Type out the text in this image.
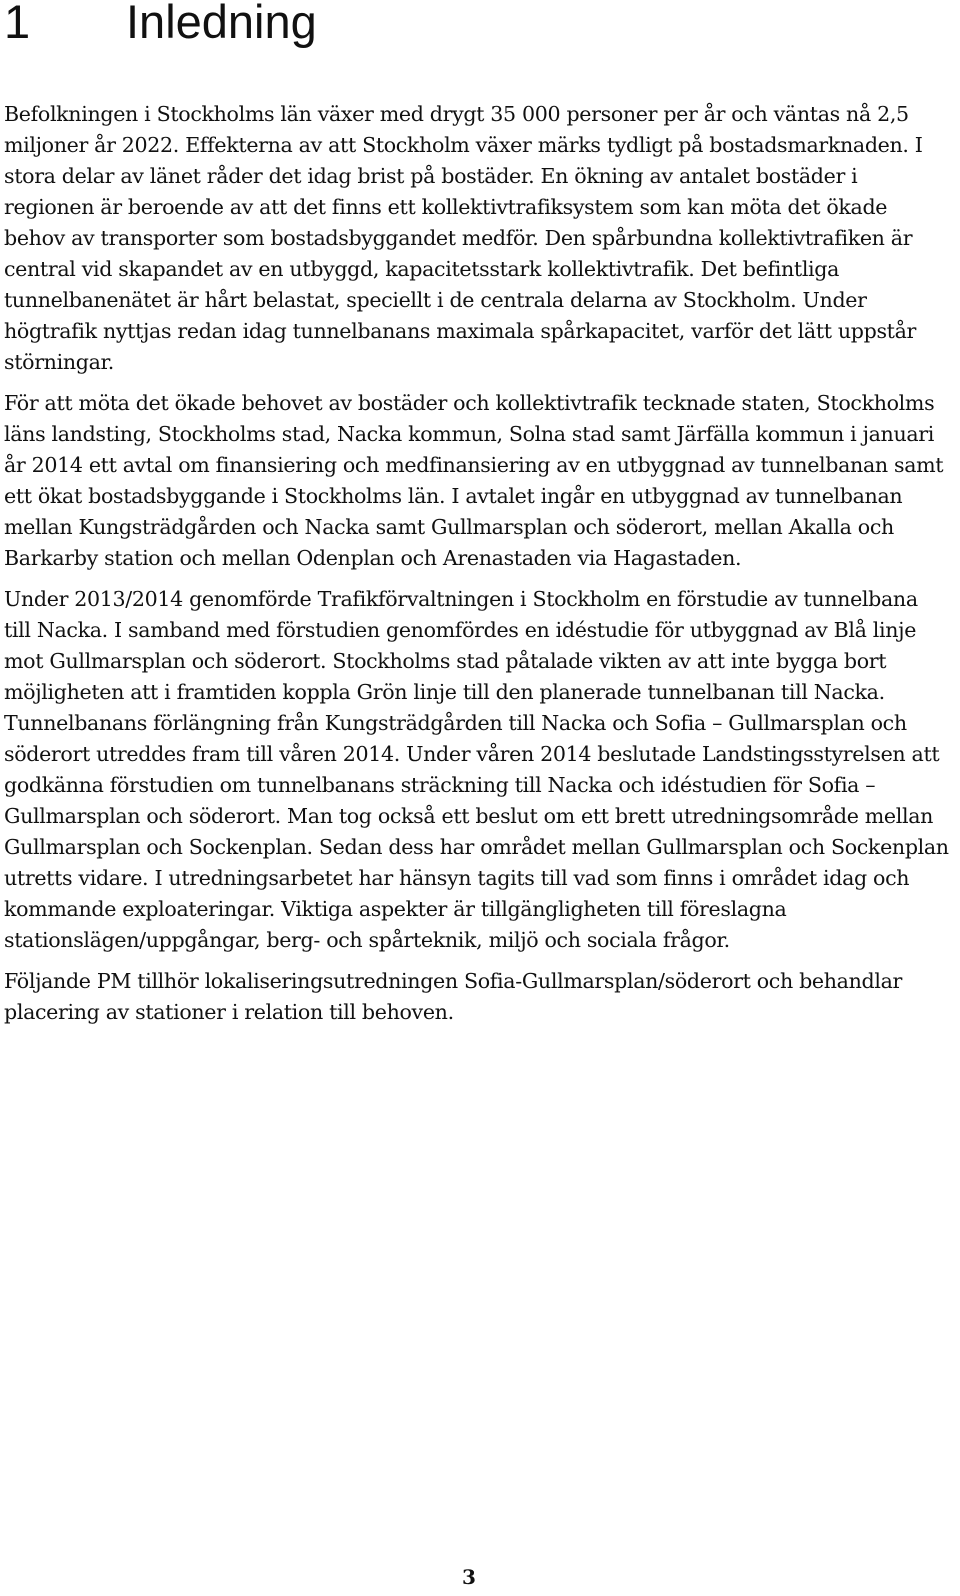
1 Inledning

Befolkningen i Stockholms län växer med drygt 35 000 personer per år och väntas nå 2,5 miljoner år 2022. Effekterna av att Stockholm växer märks tydligt på bostadsmarknaden. I stora delar av länet råder det idag brist på bostäder. En ökning av antalet bostäder i regionen är beroende av att det finns ett kollektivtrafiksystem som kan möta det ökade behov av transporter som bostadsbyggandet medför. Den spårbundna kollektivtrafiken är central vid skapandet av en utbyggd, kapacitetsstark kollektivtrafik. Det befintliga tunnelbanenätet är hårt belastat, speciellt i de centrala delarna av Stockholm. Under högtrafik nyttjas redan idag tunnelbanans maximala spårkapacitet, varför det lätt uppstår störningar.

För att möta det ökade behovet av bostäder och kollektivtrafik tecknade staten, Stockholms läns landsting, Stockholms stad, Nacka kommun, Solna stad samt Järfälla kommun i januari år 2014 ett avtal om finansiering och medfinansiering av en utbyggnad av tunnelbanan samt ett ökat bostadsbyggande i Stockholms län. I avtalet ingår en utbyggnad av tunnelbanan mellan Kungsträdgården och Nacka samt Gullmarsplan och söderort, mellan Akalla och Barkarby station och mellan Odenplan och Arenastaden via Hagastaden.

Under 2013/2014 genomförde Trafikförvaltningen i Stockholm en förstudie av tunnelbana till Nacka. I samband med förstudien genomfördes en idéstudie för utbyggnad av Blå linje mot Gullmarsplan och söderort. Stockholms stad påtalade vikten av att inte bygga bort möjligheten att i framtiden koppla Grön linje till den planerade tunnelbanan till Nacka. Tunnelbanans förlängning från Kungsträdgården till Nacka och Sofia – Gullmarsplan och söderort utreddes fram till våren 2014. Under våren 2014 beslutade Landstingsstyrelsen att godkänna förstudien om tunnelbanans sträckning till Nacka och idéstudien för Sofia – Gullmarsplan och söderort. Man tog också ett beslut om ett brett utredningsområde mellan Gullmarsplan och Sockenplan. Sedan dess har området mellan Gullmarsplan och Sockenplan utretts vidare. I utredningsarbetet har hänsyn tagits till vad som finns i området idag och kommande exploateringar. Viktiga aspekter är tillgängligheten till föreslagna stationslägen/uppgångar, berg- och spårteknik, miljö och sociala frågor.

Följande PM tillhör lokaliseringsutredningen Sofia-Gullmarsplan/söderort och behandlar placering av stationer i relation till behoven.

3
